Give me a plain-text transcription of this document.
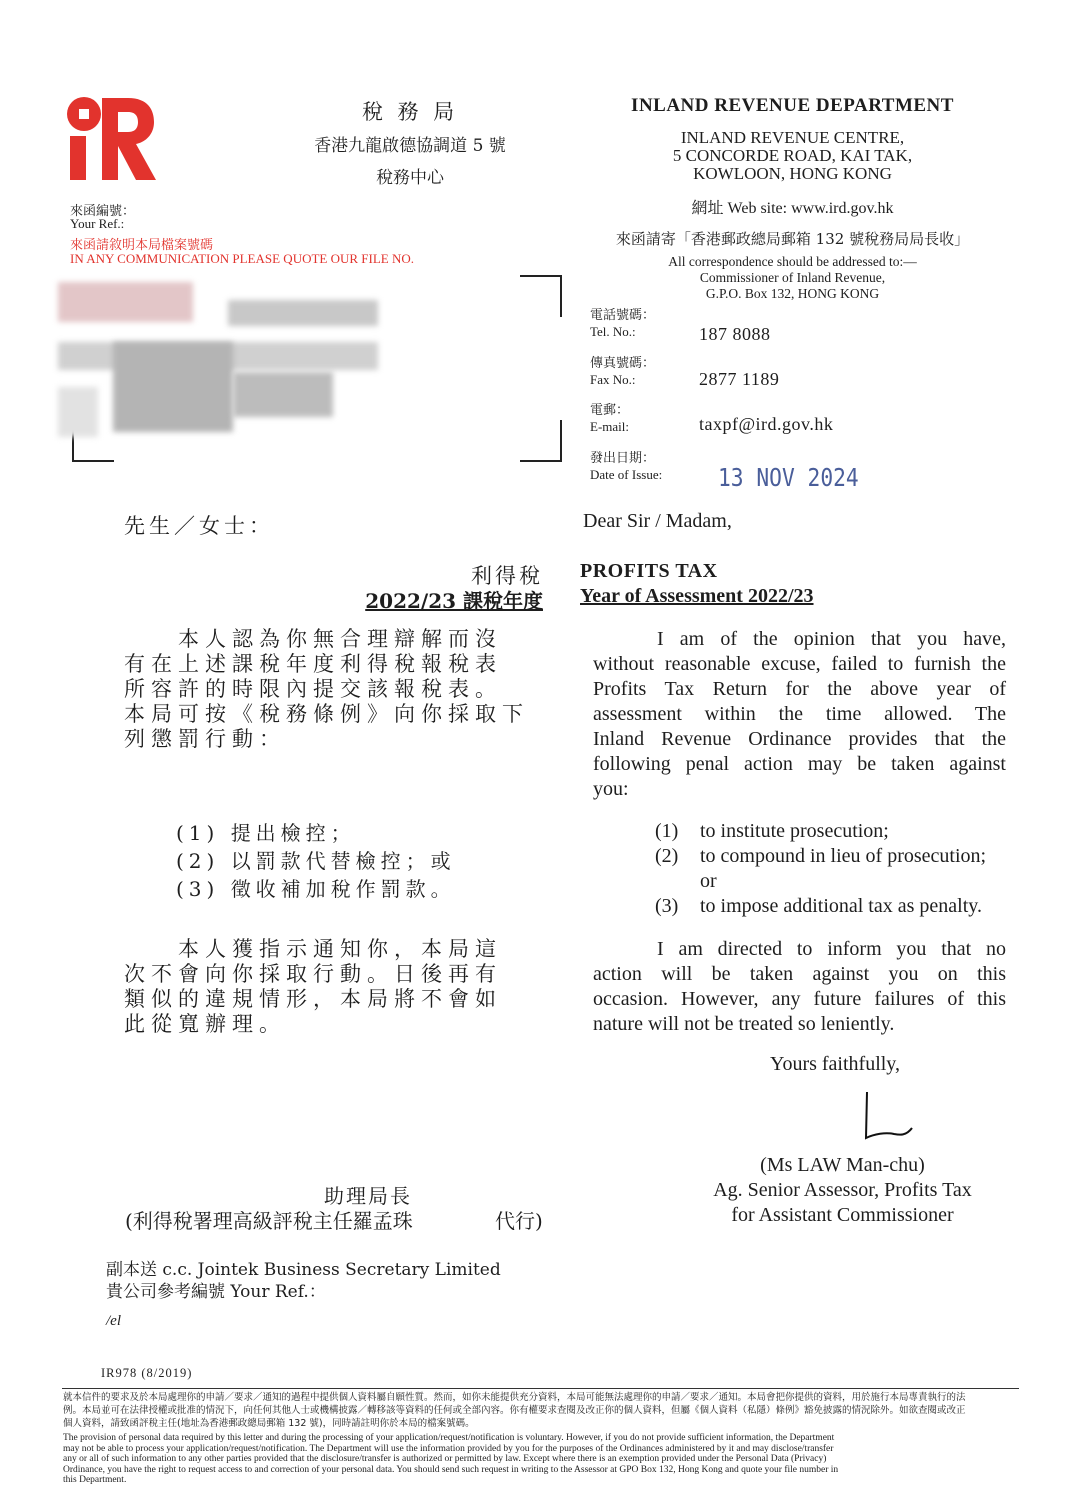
稅 務 局
香港九龍啟德協調道 5 號
稅務中心
INLAND REVENUE DEPARTMENT
INLAND REVENUE CENTRE,
5 CONCORDE ROAD, KAI TAK,
KOWLOON, HONG KONG
網址 Web site: www.ird.gov.hk
來函請寄「香港郵政總局郵箱 132 號稅務局局長收」
All correspondence should be addressed to:—
Commissioner of Inland Revenue,
G.P.O. Box 132, HONG KONG
來函編號：
Your Ref.:
來函請敘明本局檔案號碼
IN ANY COMMUNICATION PLEASE QUOTE OUR FILE NO.
電話號碼：
Tel. No.:	187 8088
傳真號碼：
Fax No.:	2877 1189
電郵：
E-mail:	taxpf@ird.gov.hk
發出日期：
Date of Issue: 13 NOV 2024
先生／女士：	Dear Sir / Madam,
利得稅 PROFITS TAX
2022/23 課稅年度 Year of Assessment 2022/23
本人認為你無合理辯解而沒
有在上述課稅年度利得稅報稅表
所容許的時限內提交該報稅表。
本局可按《稅務條例》向你採取下
列懲罰行動：
I am of the opinion that you have,
without reasonable excuse, failed to furnish the
Profits Tax Return for the above year of
assessment within the time allowed. The
Inland Revenue Ordinance provides that the
following penal action may be taken against
you:
(1) 提出檢控；
(2) 以罰款代替檢控；或
(3) 徵收補加稅作罰款。
(1) to institute prosecution;
(2) to compound in lieu of prosecution;
or
(3) to impose additional tax as penalty.
本人獲指示通知你，本局這
次不會向你採取行動。日後再有
類似的違規情形，本局將不會如
此從寬辦理。
I am directed to inform you that no
action will be taken against you on this
occasion. However, any future failures of this
nature will not be treated so leniently.
Yours faithfully,
(Ms LAW Man-chu)
Ag. Senior Assessor, Profits Tax
for Assistant Commissioner
助理局長
(利得稅署理高級評稅主任羅孟珠	代行)
副本送 c.c. Jointek Business Secretary Limited
貴公司參考編號 Your Ref.：
/el
IR978 (8/2019)
就本信件的要求及於本局處理你的申請／要求／通知的過程中提供個人資料屬自願性質。然而，如你未能提供充分資料，本局可能無法處理你的申請／要求／通知。本局會把你提供的資料，用於施行本局專責執行的法
例。本局並可在法律授權或批准的情況下，向任何其他人士或機構披露／轉移該等資料的任何或全部內容。你有權要求查閱及改正你的個人資料，但屬《個人資料（私隱）條例》豁免披露的情況除外。如欲查閱或改正
個人資料，請致函評稅主任(地址為香港郵政總局郵箱 132 號)，同時請註明你於本局的檔案號碼。
The provision of personal data required by this letter and during the processing of your application/request/notification is voluntary. However, if you do not provide sufficient information, the Department
may not be able to process your application/request/notification. The Department will use the information provided by you for the purposes of the Ordinances administered by it and may disclose/transfer
any or all of such information to any other parties provided that the disclosure/transfer is authorized or permitted by law. Except where there is an exemption provided under the Personal Data (Privacy)
Ordinance, you have the right to request access to and correction of your personal data. You should send such request in writing to the Assessor at GPO Box 132, Hong Kong and quote your file number in
this Department.
